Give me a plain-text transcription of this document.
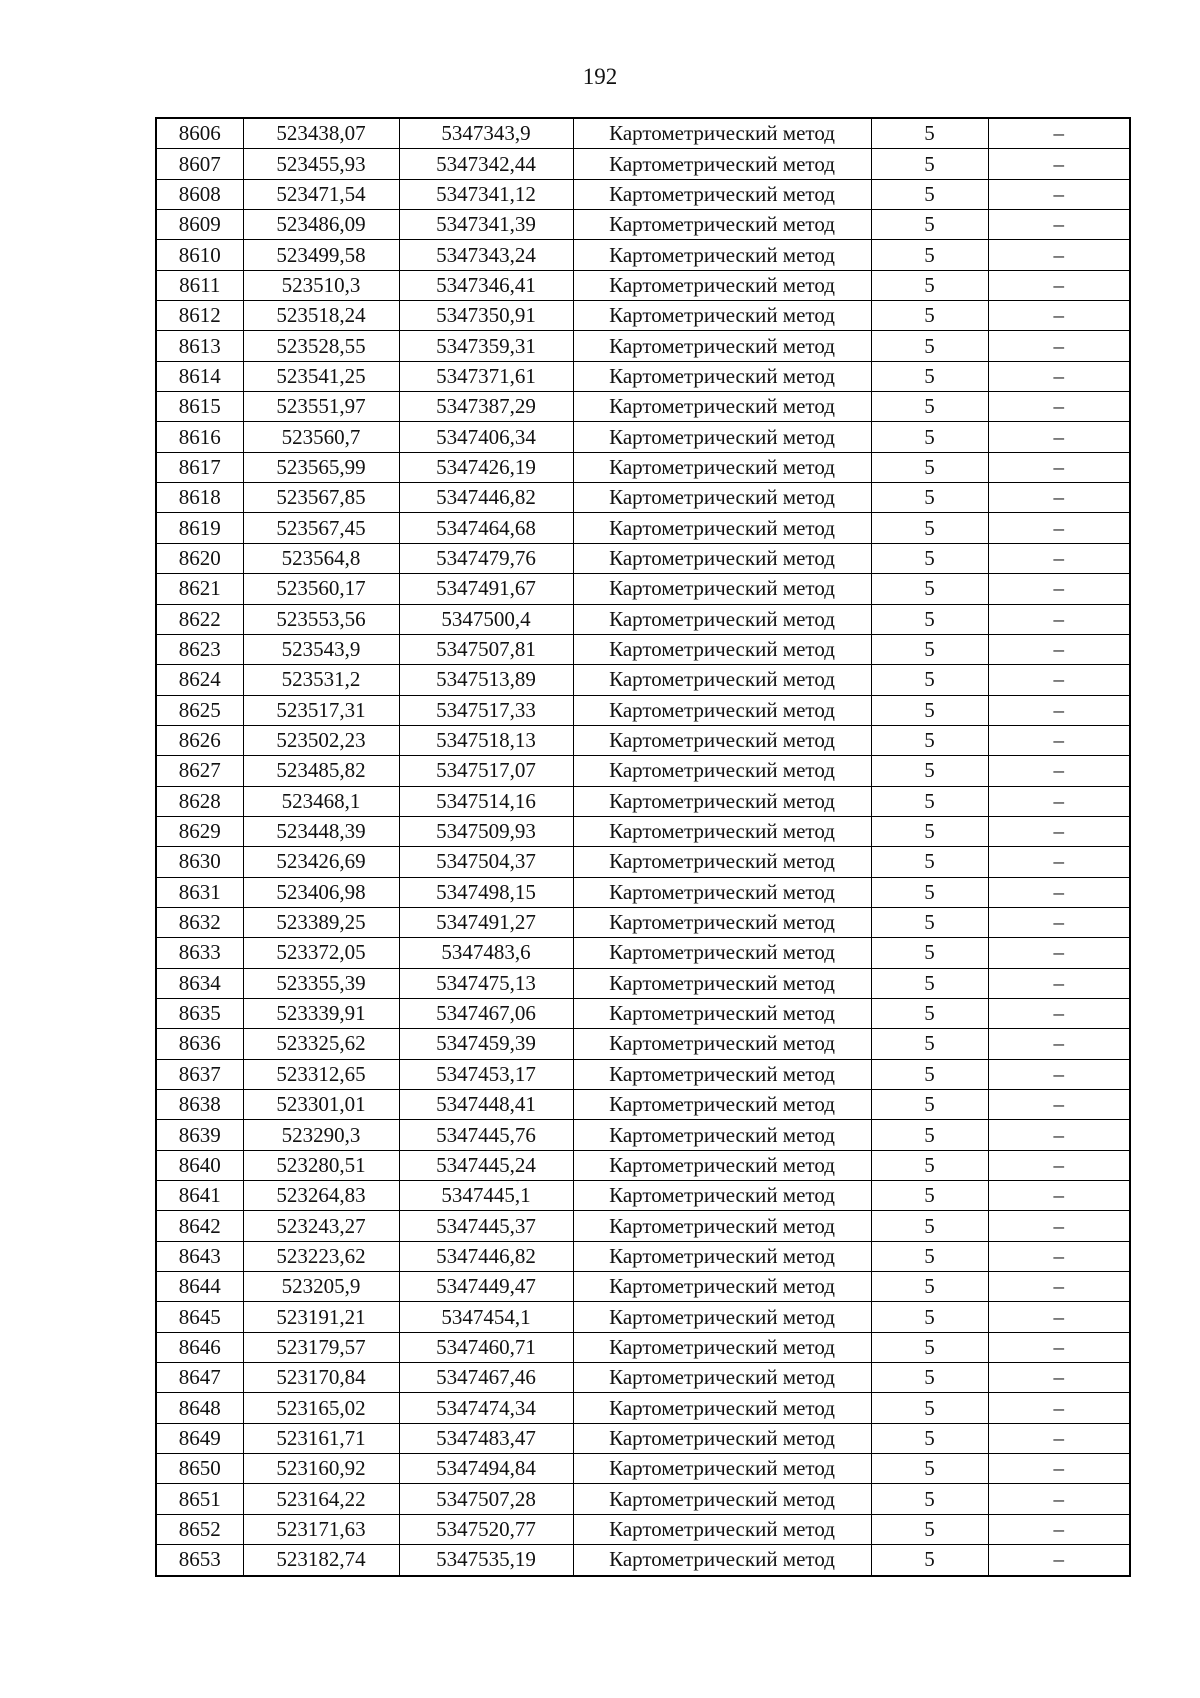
192
8606	523438,07	5347343,9	Картометрический метод	5	–
8607	523455,93	5347342,44	Картометрический метод	5	–
8608	523471,54	5347341,12	Картометрический метод	5	–
8609	523486,09	5347341,39	Картометрический метод	5	–
8610	523499,58	5347343,24	Картометрический метод	5	–
8611	523510,3	5347346,41	Картометрический метод	5	–
8612	523518,24	5347350,91	Картометрический метод	5	–
8613	523528,55	5347359,31	Картометрический метод	5	–
8614	523541,25	5347371,61	Картометрический метод	5	–
8615	523551,97	5347387,29	Картометрический метод	5	–
8616	523560,7	5347406,34	Картометрический метод	5	–
8617	523565,99	5347426,19	Картометрический метод	5	–
8618	523567,85	5347446,82	Картометрический метод	5	–
8619	523567,45	5347464,68	Картометрический метод	5	–
8620	523564,8	5347479,76	Картометрический метод	5	–
8621	523560,17	5347491,67	Картометрический метод	5	–
8622	523553,56	5347500,4	Картометрический метод	5	–
8623	523543,9	5347507,81	Картометрический метод	5	–
8624	523531,2	5347513,89	Картометрический метод	5	–
8625	523517,31	5347517,33	Картометрический метод	5	–
8626	523502,23	5347518,13	Картометрический метод	5	–
8627	523485,82	5347517,07	Картометрический метод	5	–
8628	523468,1	5347514,16	Картометрический метод	5	–
8629	523448,39	5347509,93	Картометрический метод	5	–
8630	523426,69	5347504,37	Картометрический метод	5	–
8631	523406,98	5347498,15	Картометрический метод	5	–
8632	523389,25	5347491,27	Картометрический метод	5	–
8633	523372,05	5347483,6	Картометрический метод	5	–
8634	523355,39	5347475,13	Картометрический метод	5	–
8635	523339,91	5347467,06	Картометрический метод	5	–
8636	523325,62	5347459,39	Картометрический метод	5	–
8637	523312,65	5347453,17	Картометрический метод	5	–
8638	523301,01	5347448,41	Картометрический метод	5	–
8639	523290,3	5347445,76	Картометрический метод	5	–
8640	523280,51	5347445,24	Картометрический метод	5	–
8641	523264,83	5347445,1	Картометрический метод	5	–
8642	523243,27	5347445,37	Картометрический метод	5	–
8643	523223,62	5347446,82	Картометрический метод	5	–
8644	523205,9	5347449,47	Картометрический метод	5	–
8645	523191,21	5347454,1	Картометрический метод	5	–
8646	523179,57	5347460,71	Картометрический метод	5	–
8647	523170,84	5347467,46	Картометрический метод	5	–
8648	523165,02	5347474,34	Картометрический метод	5	–
8649	523161,71	5347483,47	Картометрический метод	5	–
8650	523160,92	5347494,84	Картометрический метод	5	–
8651	523164,22	5347507,28	Картометрический метод	5	–
8652	523171,63	5347520,77	Картометрический метод	5	–
8653	523182,74	5347535,19	Картометрический метод	5	–
